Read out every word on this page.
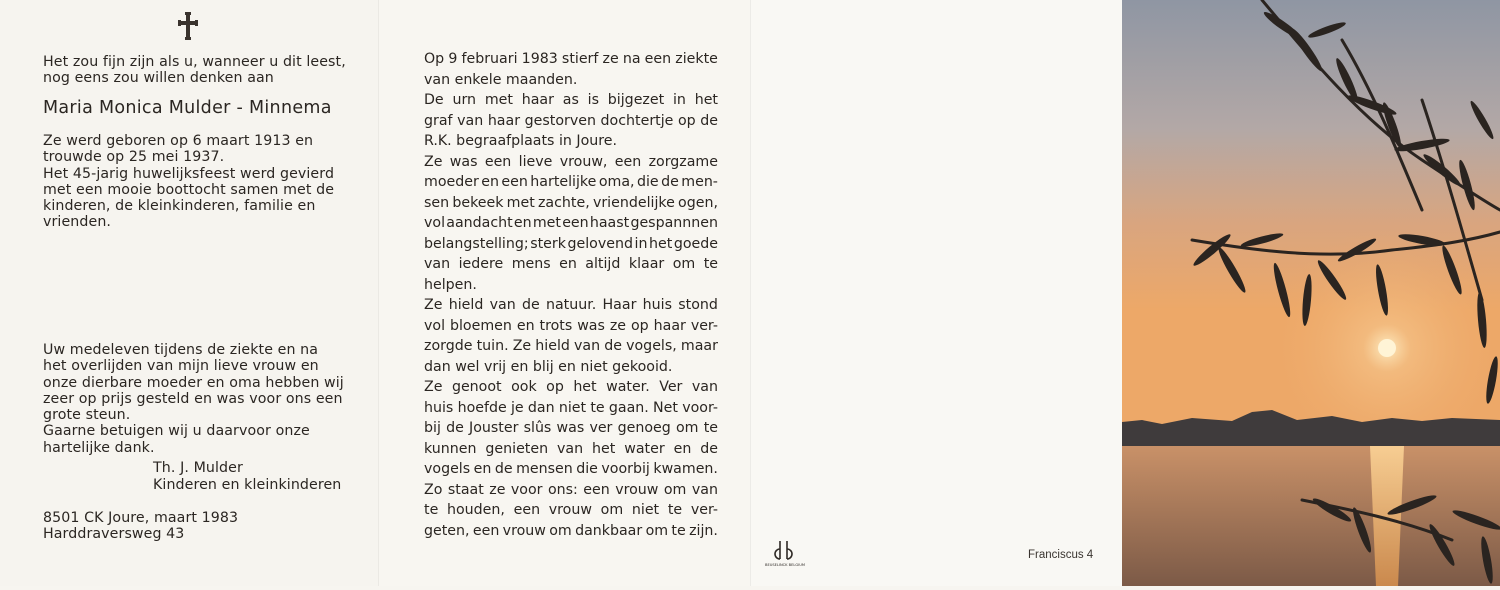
Het zou fijn zijn als u, wanneer u dit leest,
nog eens zou willen denken aan
Maria Monica Mulder - Minnema
Ze werd geboren op 6 maart 1913 en
trouwde op 25 mei 1937.
Het 45-jarig huwelijksfeest werd gevierd
met een mooie boottocht samen met de
kinderen, de kleinkinderen, familie en
vrienden.
Uw medeleven tijdens de ziekte en na
het overlijden van mijn lieve vrouw en
onze dierbare moeder en oma hebben wij
zeer op prijs gesteld en was voor ons een
grote steun.
Gaarne betuigen wij u daarvoor onze
hartelijke dank.
Th. J. Mulder
Kinderen en kleinkinderen
8501 CK Joure, maart 1983
Harddraversweg 43
Op 9 februari 1983 stierf ze na een ziekte
van enkele maanden.
De urn met haar as is bijgezet in het
graf van haar gestorven dochtertje op de
R.K. begraafplaats in Joure.
Ze was een lieve vrouw, een zorgzame
moeder en een hartelijke oma, die de men-
sen bekeek met zachte, vriendelijke ogen,
vol aandacht en met een haast gespannnen
belangstelling; sterk gelovend in het goede
van iedere mens en altijd klaar om te
helpen.
Ze hield van de natuur. Haar huis stond
vol bloemen en trots was ze op haar ver-
zorgde tuin. Ze hield van de vogels, maar
dan wel vrij en blij en niet gekooid.
Ze genoot ook op het water. Ver van
huis hoefde je dan niet te gaan. Net voor-
bij de Jouster slûs was ver genoeg om te
kunnen genieten van het water en de
vogels en de mensen die voorbij kwamen.
Zo staat ze voor ons: een vrouw om van
te houden, een vrouw om niet te ver-
geten, een vrouw om dankbaar om te zijn.
BEUSELINCK BELGIUM
Franciscus 4
